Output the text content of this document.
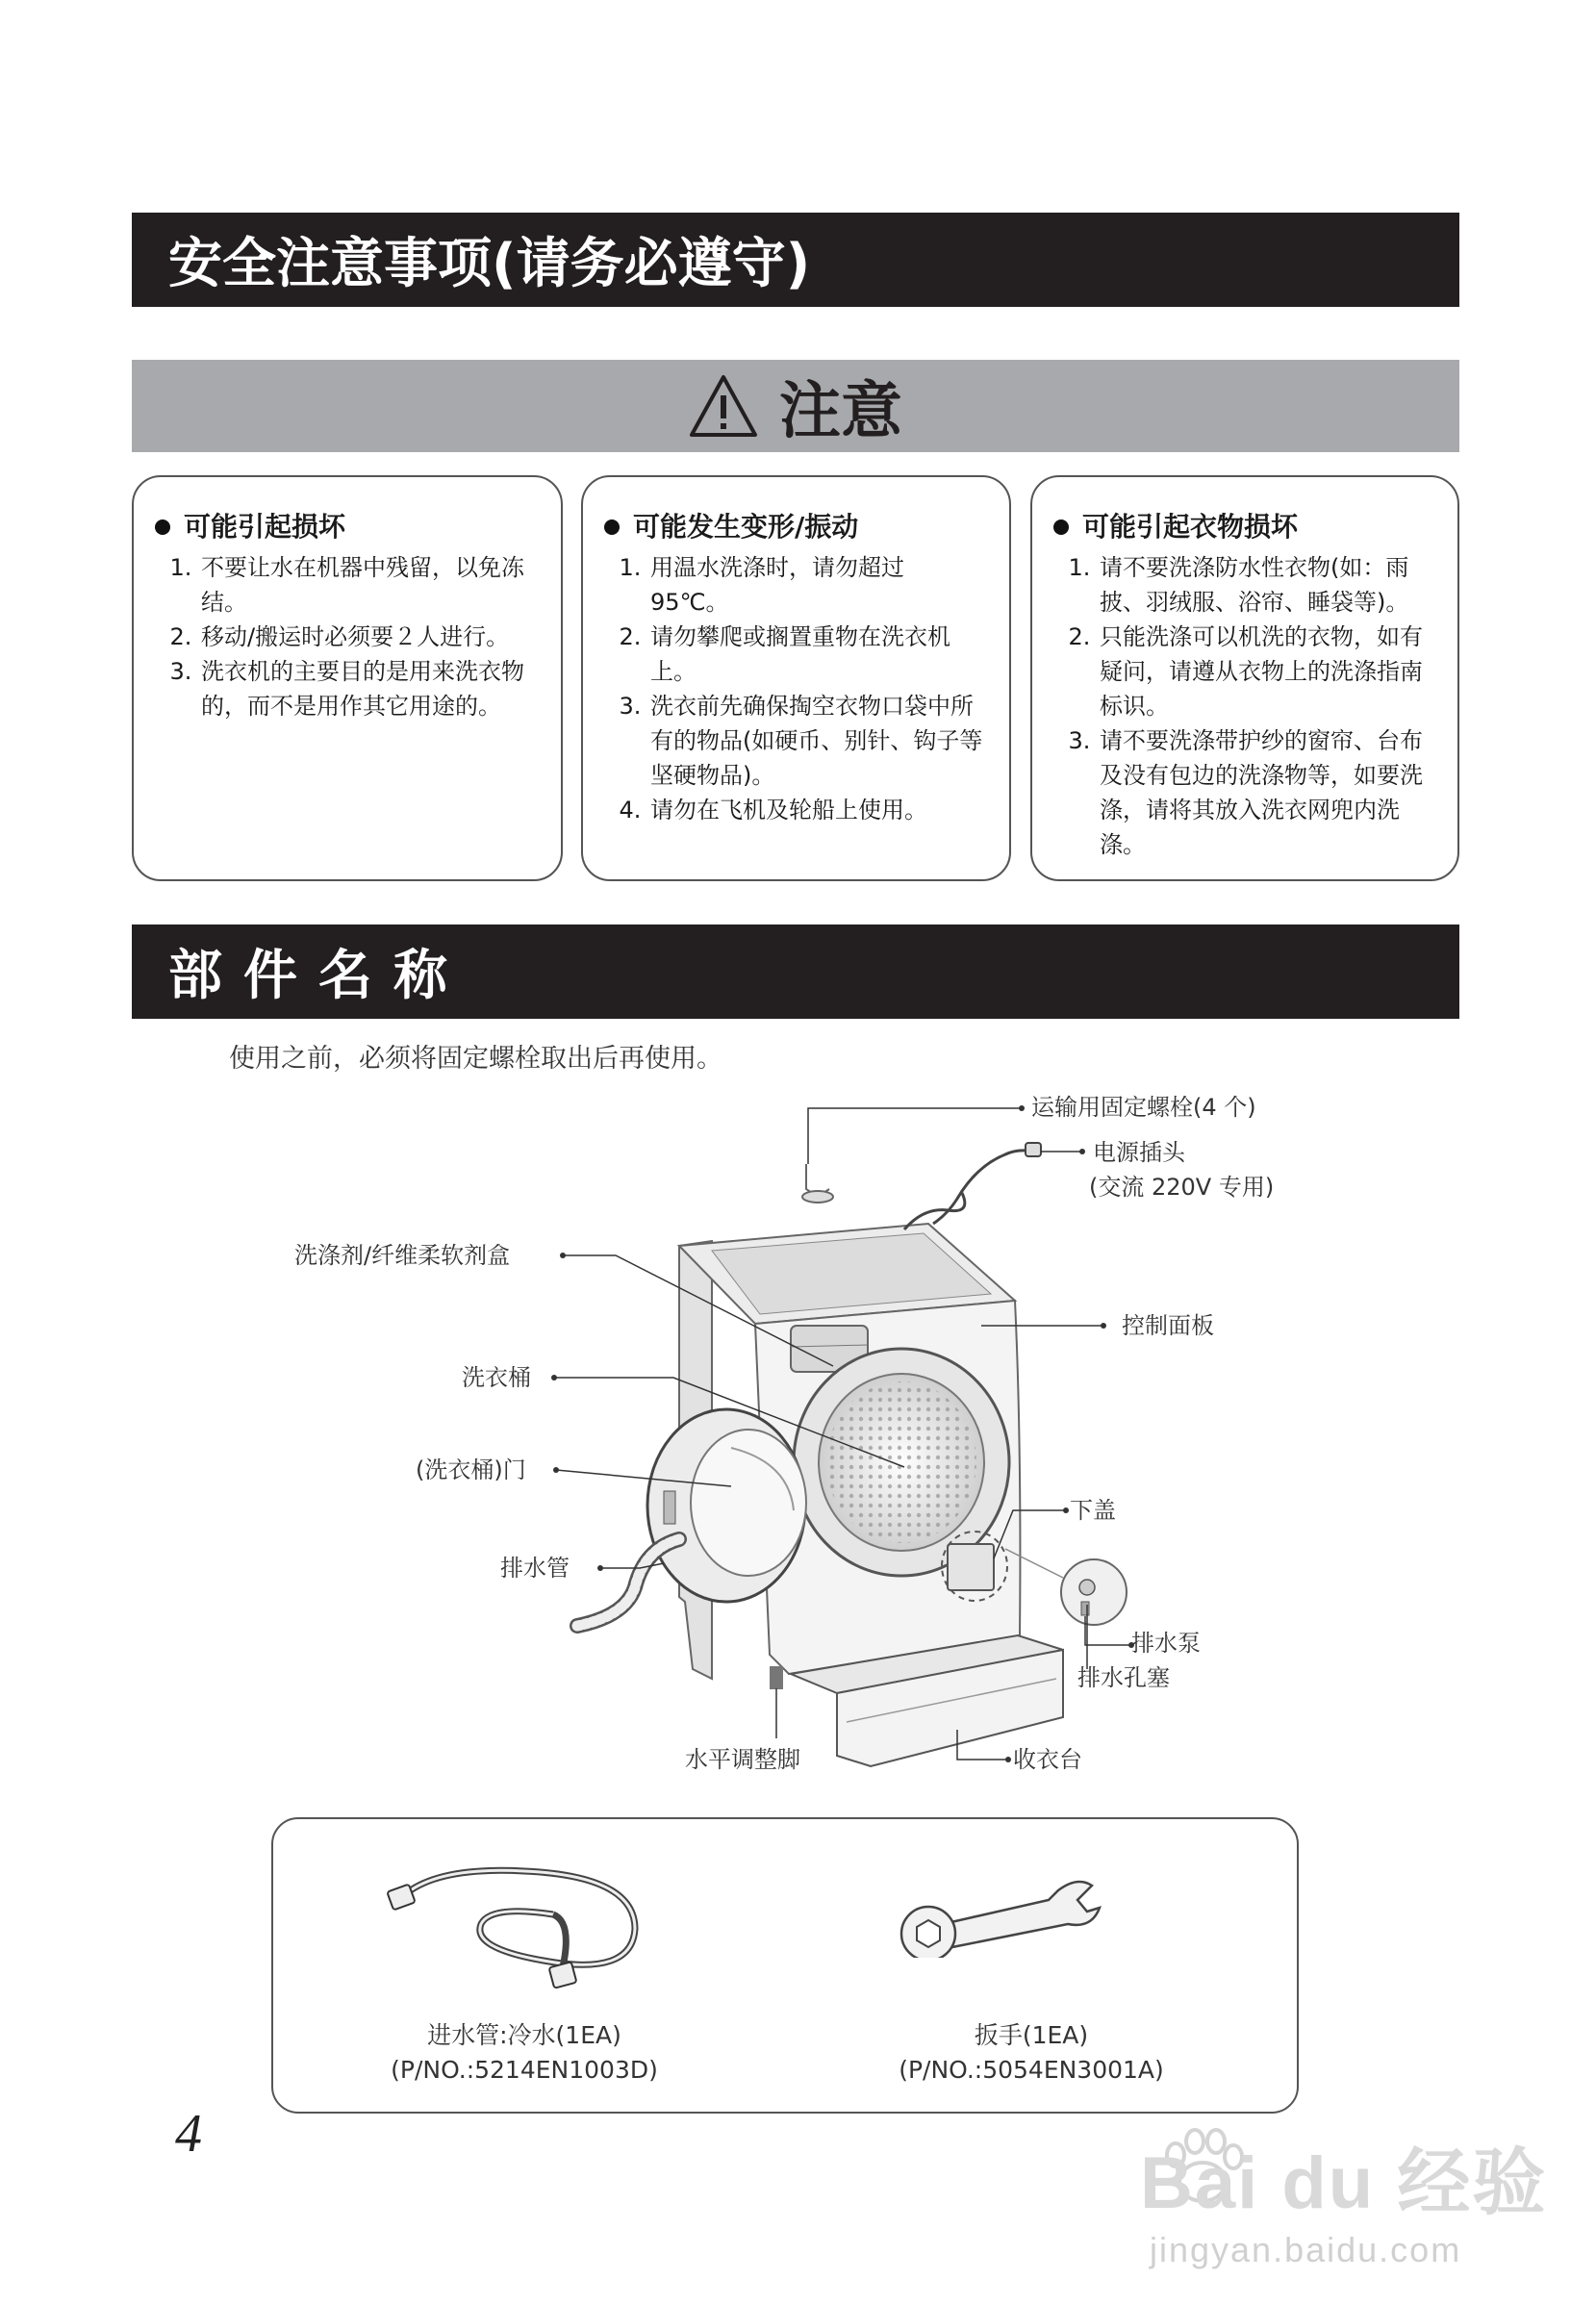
安全注意事项(请务必遵守)
注意
可能引起损坏
1. 不要让水在机器中残留，以免冻结。
2. 移动/搬运时必须要２人进行。
3. 洗衣机的主要目的是用来洗衣物的，而不是用作其它用途的。
可能发生变形/振动
1. 用温水洗涤时，请勿超过 95℃。
2. 请勿攀爬或搁置重物在洗衣机上。
3. 洗衣前先确保掏空衣物口袋中所有的物品(如硬币、别针、钩子等坚硬物品)。
4. 请勿在飞机及轮船上使用。
可能引起衣物损坏
1. 请不要洗涤防水性衣物(如：雨披、羽绒服、浴帘、睡袋等)。
2. 只能洗涤可以机洗的衣物，如有疑问，请遵从衣物上的洗涤指南标识。
3. 请不要洗涤带护纱的窗帘、台布及没有包边的洗涤物等，如要洗涤，请将其放入洗衣网兜内洗涤。
部件名称
使用之前，必须将固定螺栓取出后再使用。
运输用固定螺栓(4 个)
电源插头
(交流 220V 专用)
洗涤剂/纤维柔软剂盒
控制面板
洗衣桶
(洗衣桶)门
下盖
排水管
排水泵
排水孔塞
水平调整脚	收衣台
进水管:冷水(1EA)
(P/NO.:5214EN1003D)
扳手(1EA)
(P/NO.:5054EN3001A)
4
Bai du 经验
jingyan.baidu.com
